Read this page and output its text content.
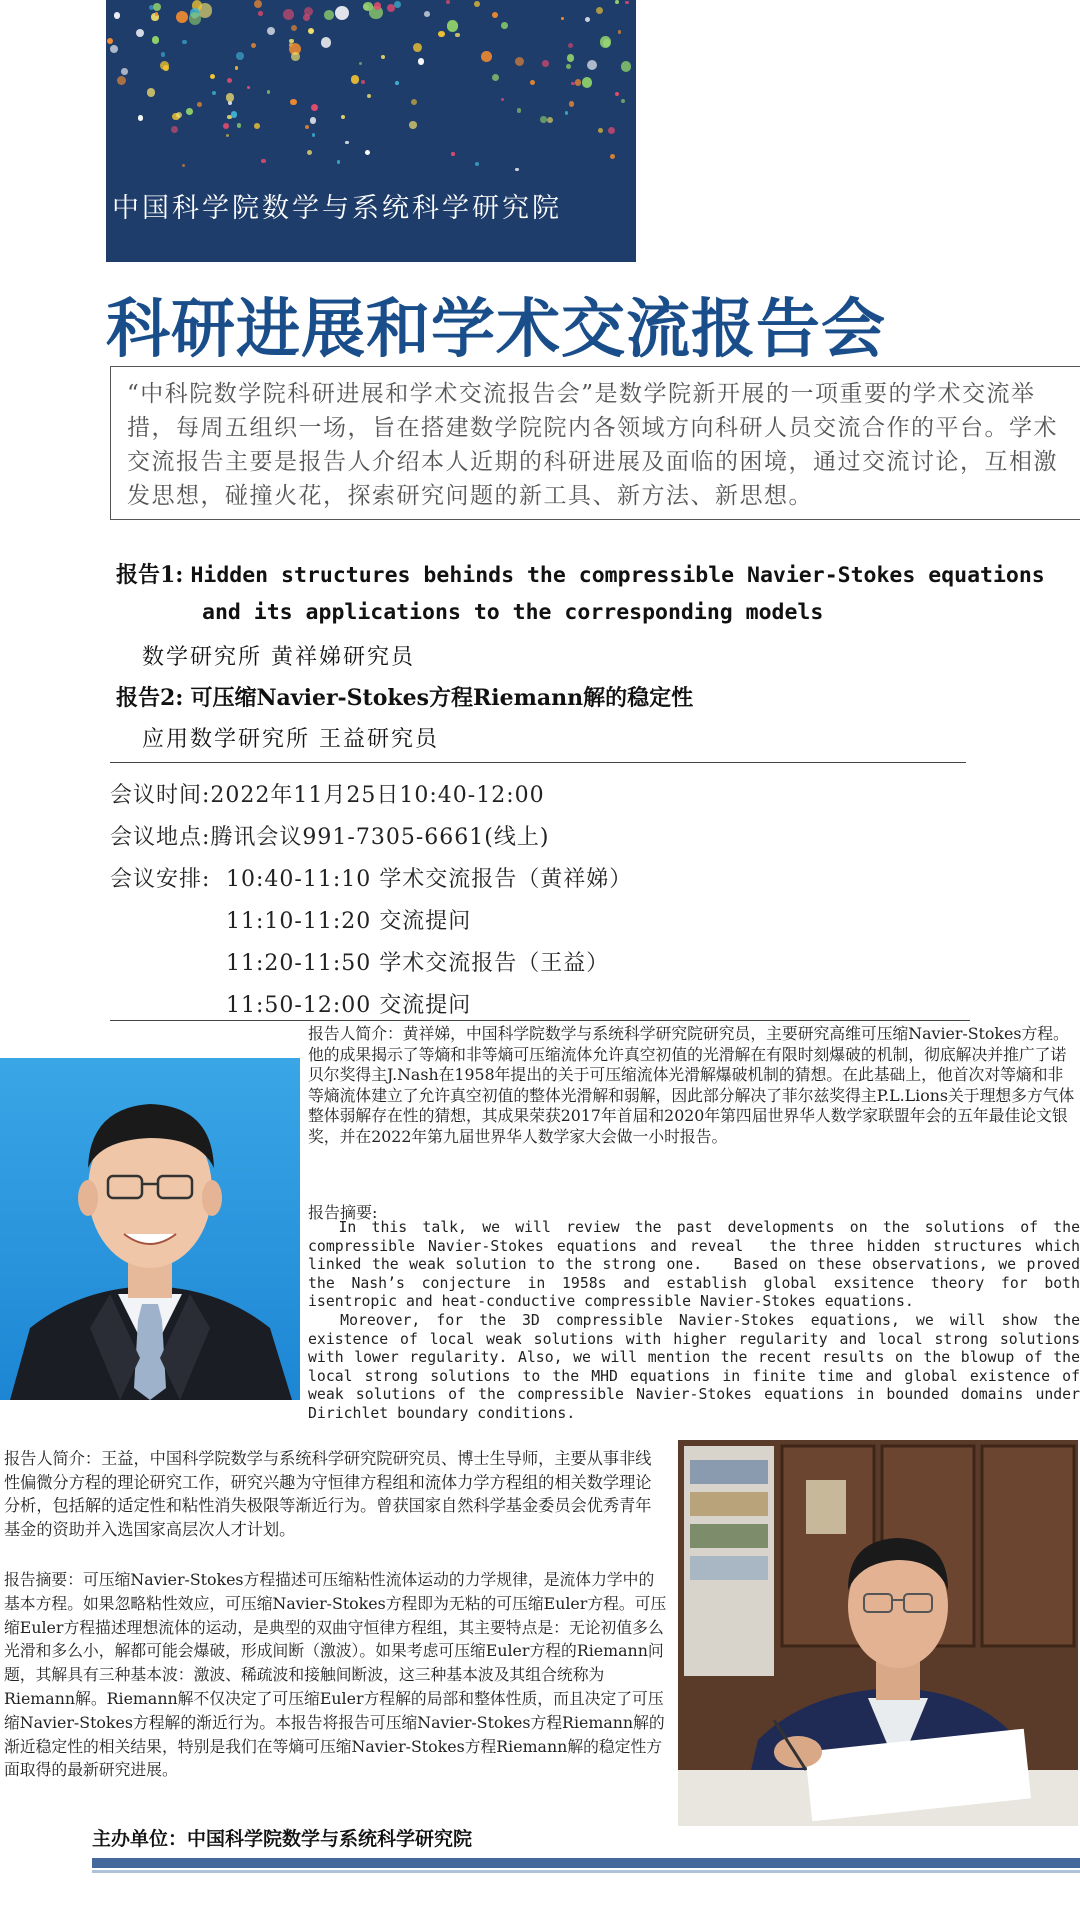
中国科学院数学与系统科学研究院
科研进展和学术交流报告会
“中科院数学院科研进展和学术交流报告会”是数学院新开展的一项重要的学术交流举措，每周五组织一场，旨在搭建数学院院内各领域方向科研人员交流合作的平台。学术交流报告主要是报告人介绍本人近期的科研进展及面临的困境，通过交流讨论，互相激发思想，碰撞火花，探索研究问题的新工具、新方法、新思想。
报告1: Hidden structures behinds the compressible Navier-Stokes equations
and its applications to the corresponding models
数学研究所 黄祥娣研究员
报告2: 可压缩Navier-Stokes方程Riemann解的稳定性
应用数学研究所 王益研究员
会议时间:2022年11月25日10:40-12:00
会议地点:腾讯会议991-7305-6661(线上)
会议安排: 10:40-11:10 学术交流报告（黄祥娣）
11:10-11:20 交流提问
11:20-11:50 学术交流报告（王益）
11:50-12:00 交流提问
报告人简介：黄祥娣，中国科学院数学与系统科学研究院研究员，主要研究高维可压缩Navier-Stokes方程。他的成果揭示了等熵和非等熵可压缩流体允许真空初值的光滑解在有限时刻爆破的机制，彻底解决并推广了诺贝尔奖得主J.Nash在1958年提出的关于可压缩流体光滑解爆破机制的猜想。在此基础上，他首次对等熵和非等熵流体建立了允许真空初值的整体光滑解和弱解，因此部分解决了菲尔兹奖得主P.L.Lions关于理想多方气体整体弱解存在性的猜想，其成果荣获2017年首届和2020年第四届世界华人数学家联盟年会的五年最佳论文银奖，并在2022年第九届世界华人数学家大会做一小时报告。
报告摘要:
In this talk, we will review the past developments on the solutions of the compressible Navier-Stokes equations and reveal  the three hidden structures which linked the weak solution to the strong one.   Based on these observations, we proved the Nash’s conjecture in 1958s and establish global exsitence theory for both isentropic and heat-conductive compressible Navier-Stokes equations.
Moreover, for the 3D compressible Navier-Stokes equations, we will show the existence of local weak solutions with higher regularity and local strong solutions with lower regularity. Also, we will mention the recent results on the blowup of the local strong solutions to the MHD equations in finite time and global existence of weak solutions of the compressible Navier-Stokes equations in bounded domains under Dirichlet boundary conditions.
报告人简介：王益，中国科学院数学与系统科学研究院研究员、博士生导师，主要从事非线性偏微分方程的理论研究工作，研究兴趣为守恒律方程组和流体力学方程组的相关数学理论分析，包括解的适定性和粘性消失极限等渐近行为。曾获国家自然科学基金委员会优秀青年基金的资助并入选国家高层次人才计划。
报告摘要：可压缩Navier-Stokes方程描述可压缩粘性流体运动的力学规律，是流体力学中的基本方程。如果忽略粘性效应，可压缩Navier-Stokes方程即为无粘的可压缩Euler方程。可压缩Euler方程描述理想流体的运动，是典型的双曲守恒律方程组，其主要特点是：无论初值多么光滑和多么小，解都可能会爆破，形成间断（激波）。如果考虑可压缩Euler方程的Riemann问题，其解具有三种基本波：激波、稀疏波和接触间断波，这三种基本波及其组合统称为Riemann解。Riemann解不仅决定了可压缩Euler方程解的局部和整体性质，而且决定了可压缩Navier-Stokes方程解的渐近行为。本报告将报告可压缩Navier-Stokes方程Riemann解的渐近稳定性的相关结果，特别是我们在等熵可压缩Navier-Stokes方程Riemann解的稳定性方面取得的最新研究进展。
主办单位：中国科学院数学与系统科学研究院
